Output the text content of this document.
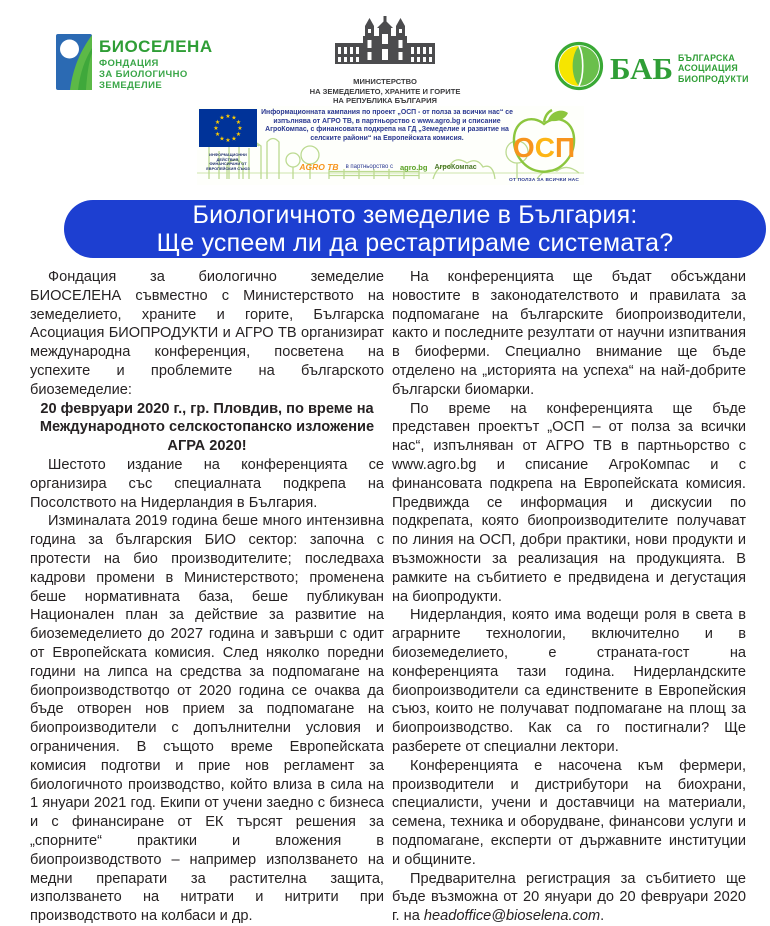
БИОСЕЛЕНА
ФОНДАЦИЯ
ЗА БИОЛОГИЧНО
ЗЕМЕДЕЛИЕ	МИНИСТЕРСТВО
НА ЗЕМЕДЕЛИЕТО, ХРАНИТЕ И ГОРИТЕ
НА РЕПУБЛИКА БЪЛГАРИЯ
БАБ БЪЛГАРСКА
АСОЦИАЦИЯ
БИОПРОДУКТИ
★ ★
★
★
★
★
★
★
★
★
★
★
ИНФОРМАЦИОННИ ДЕЙСТВИЯ,
ФИНАНСИРАНИ ОТ ЕВРОПЕЙСКИЯ СЪЮЗ
Информационната кампания по проект „ОСП - от полза за всички нас“ се изпълнява от АГРО ТВ, в партньорство с www.agro.bg и списание АгроКомпас, с финансовата подкрепа на ГД „Земеделие и развитие на селските райони“ на Европейската комисия.
AGRO ТВ в партньорство с agro.bg АгроКомпас
ОСП
ОТ ПОЛЗА ЗА ВСИЧКИ НАС
Биологичното земеделие в България:
Ще успеем ли да рестартираме системата?

Фондация за биологично земеделие БИОСЕЛЕНА съвместно с Министерството на земеделието, храните и горите, Българска Асоциация БИОПРОДУКТИ и АГРО ТВ организират международна конференция, посветена на успехите и проблемите на българското биоземеделие:

20 февруари 2020 г., гр. Пловдив, по време на Международното селскостопанско изложение АГРА 2020!

Шестото издание на конференцията се организира със специалната подкрепа на Посолството на Нидерландия в България.

Изминалата 2019 година беше много интензивна година за българския БИО сектор: започна с протести на био производителите; последваха кадрови промени в Министерството; променена беше нормативната база, беше публикуван Национален план за действие за развитие на биоземеделието до 2027 година и завърши с одит от Европейската комисия. След няколко поредни години на липса на средства за подпомагане на биопроизводствотqо от 2020 година се очаква да бъде отворен нов прием за подпомагане на биопроизводители с допълнителни условия и ограничения. В същото време Европейската комисия подготви и прие нов регламент за биологичното производство, който влиза в сила на 1 януари 2021 год. Екипи от учени заедно с бизнеса и с финансиране от ЕК търсят решения за „спорните“ практики и вложения в биопроизводството – например използването на медни препарати за растителна защита, използването на нитрати и нитрити при производството на колбаси и др.

На конференцията ще бъдат обсъждани новостите в законодателството и правилата за подпомагане на българските биопроизводители, както и последните резултати от научни изпитвания в биоферми. Специално внимание ще бъде отделено на „историята на успеха“ на най-добрите български биомарки.

По време на конференцията ще бъде представен проектът „ОСП – от полза за всички нас“, изпълняван от АГРО ТВ в партньорство с www.agro.bg и списание АгроКомпас и с финансовата подкрепа на Европейската комисия. Предвижда се информация и дискусии по подкрепата, която биопроизводителите получават по линия на ОСП, добри практики, нови продукти и възможности за реализация на продукцията. В рамките на събитието е предвидена и дегустация на биопродукти.

Нидерландия, която има водещи роля в света в аграрните технологии, включително и в биоземеделието, е страната-гост на конференцията тази година. Нидерландските биопроизводители са единствените в Европейския съюз, които не получават подпомагане на площ за биопроизводство. Как са го постигнали? Ще разберете от специални лектори.

Конференцията е насочена към фермери, производители и дистрибутори на биохрани, специалисти, учени и доставчици на материали, семена, техника и оборудване, финансови услуги и подпомагане, експерти от държавните институции и общините.

Предварителна регистрация за събитието ще бъде възможна от 20 януари до 20 февруари 2020 г. на headoffice@bioselena.com.
